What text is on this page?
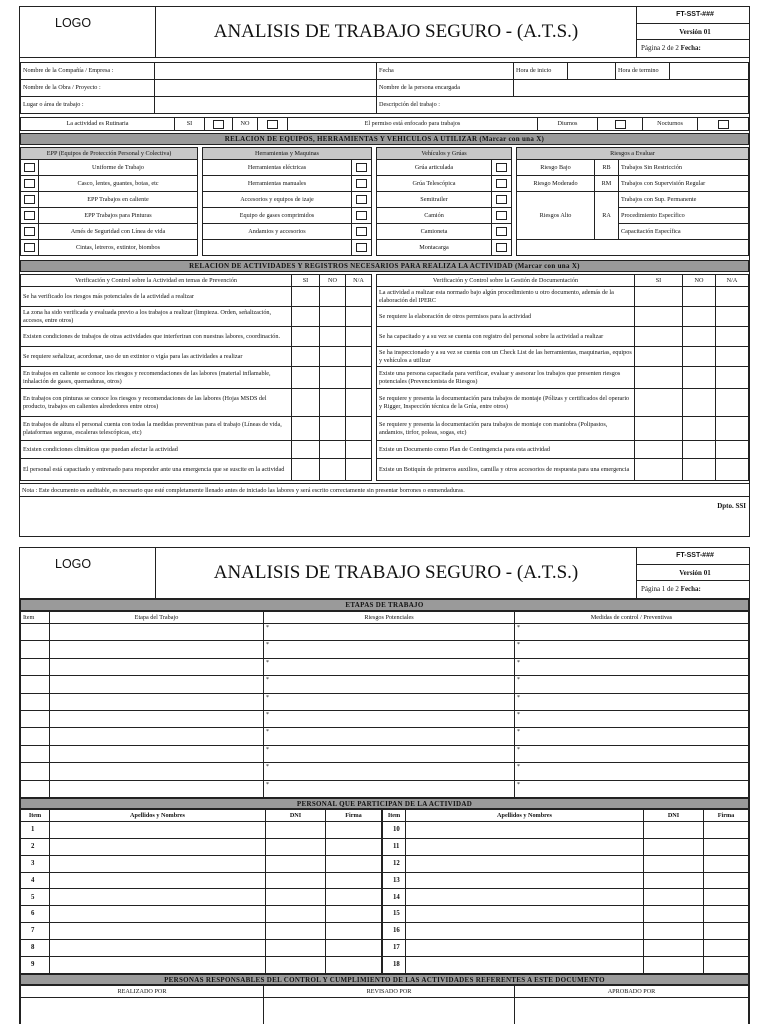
LOGO	ANALISIS DE TRABAJO SEGURO - (A.T.S.)
FT-SST-###
Versión 01
Página 2 de 2 Fecha:
Nombre de la Compañía / Empresa :		Fecha	Hora de inicio		Hora de termino	
Nombre de la Obra / Proyecto :		Nombre de la persona encargada				
Lugar o área de trabajo :		Descripción del trabajo :				
La actividad es Rutinaria	SI		NO		El permiso está enfocado para trabajos	Diurnos		Nocturnos	
RELACION DE EQUIPOS, HERRAMIENTAS Y VEHICULOS A UTILIZAR (Marcar con una X)
EPP (Equipos de Protección Personal y Colectiva)	
	Uniforme de Trabajo
	Casco, lentes, guantes, botas, etc
	EPP Trabajos en caliente
	EPP Trabajos para Pinturas
	Arnés de Seguridad con Línea de vida
	Cintas, letreros, extintor, biombos
Herramientas y Maquinas	
Herramientas eléctricas	
Herramientas manuales	
Accesorios y equipos de izaje	
Equipo de gases comprimidos	
Andamios y accesorios	

Vehículos y Grúas	
Grúa articulada	
Grúa Telescópica	
Semitrailer	
Camión	
Camioneta	
Montacarga	
Riesgos a Evaluar		
Riesgo Bajo	RB	Trabajos Sin Restricción
Riesgo Moderado	RM	Trabajos con Supervisión Regular
Riesgos Alto	RA	Trabajos con Sup. Permanente
		Procedimiento Específico
		Capacitación Específica

RELACION DE ACTIVIDADES Y REGISTROS NECESARIOS PARA REALIZA LA ACTIVIDAD (Marcar con una X)
Verificación y Control sobre la Actividad en temas de Prevención	SI	NO	N/A
Se ha verificado los riesgos más potenciales de la actividad a realizar			
La zona ha sido verificada y evaluada previo a los trabajos a realizar (limpieza. Orden, señalización, accesos, entre otros)			
Existen condiciones de trabajos de otras actividades que interferiran con nuestras labores, coordinación.			
Se requiere señalizar, acordonar, uso de un extintor o vigía para las actividades a realizar			
En trabajos en caliente se conoce los riesgos y recomendaciones de las labores (material inflamable, inhalación de gases, quemaduras, otros)			
En trabajos con pinturas se conoce los riesgos y recomendaciones de las labores (Hojas MSDS del producto, trabajos en calientes alrededores entre otros)			
En trabajos de altura el personal cuenta con todas la medidas preventivas para el trabajo (Líneas de vida, plataformas seguras, escaleras telescópicas, etc)			
Existen condiciones climáticas que puedan afectar la actividad			
El personal está capacitado y entrenado para responder ante una emergencia que se suscite en la actividad			
Verificación y Control sobre la Gestión de Documentación	SI	NO	N/A
La actividad a realizar esta normado bajo algún procedimiento u otro documento, además de la elaboración del IPERC			
Se requiere la elaboración de otros permisos para la actividad			
Se ha capacitado y a su vez se cuenta con registro del personal sobre la actividad a realizar			
Se ha inspeccionado y a su vez se cuenta con un Check List de las herramientas, maquinarias, equipos y vehículos a utilizar			
Existe una persona capacitada para verificar, evaluar y asesorar los trabajos que presenten riesgos potenciales (Prevencionista de Riesgos)			
Se requiere y presenta la documentación para trabajos de montaje (Pólizas y certificados del operario y Rigger, Inspección técnica de la Grúa, entre otros)			
Se requiere y presenta la documentación para trabajos de montaje con maniobra (Polipastos, andamios, tirfor, poleas, sogas, etc)			
Existe un Documento como Plan de Contingencia para esta actividad			
Existe un Botiquín de primeros auxilios, camilla y otros accesorios de respuesta para una emergencia			
Nota : Este documento es auditable, es necesario que esté completamente llenado antes de iniciado las labores y será escrito correctamente sin presentar borrones o enmendaduras.
Dpto. SSI
LOGO	ANALISIS DE TRABAJO SEGURO - (A.T.S.)
FT-SST-###
Versión 01
Página 1 de 2 Fecha:
ETAPAS DE TRABAJO
Item	Etapa del Trabajo	Riesgos Potenciales	Medidas de control / Preventivas
		*	*
		*	*
		*	*
		*	*
		*	*
		*	*
		*	*
		*	*
		*	*
		*	*
PERSONAL QUE PARTICIPAN DE LA ACTIVIDAD
Item	Apellidos y Nombres	DNI	Firma
1			
2			
3			
4			
5			
6			
7			
8			
9			
Item	Apellidos y Nombres	DNI	Firma
10			
11			
12			
13			
14			
15			
16			
17			
18			
PERSONAS RESPONSABLES DEL CONTROL Y CUMPLIMIENTO DE LAS ACTIVIDADES REFERENTES A ESTE DOCUMENTO
REALIZADO POR	REVISADO POR	APROBADO POR
